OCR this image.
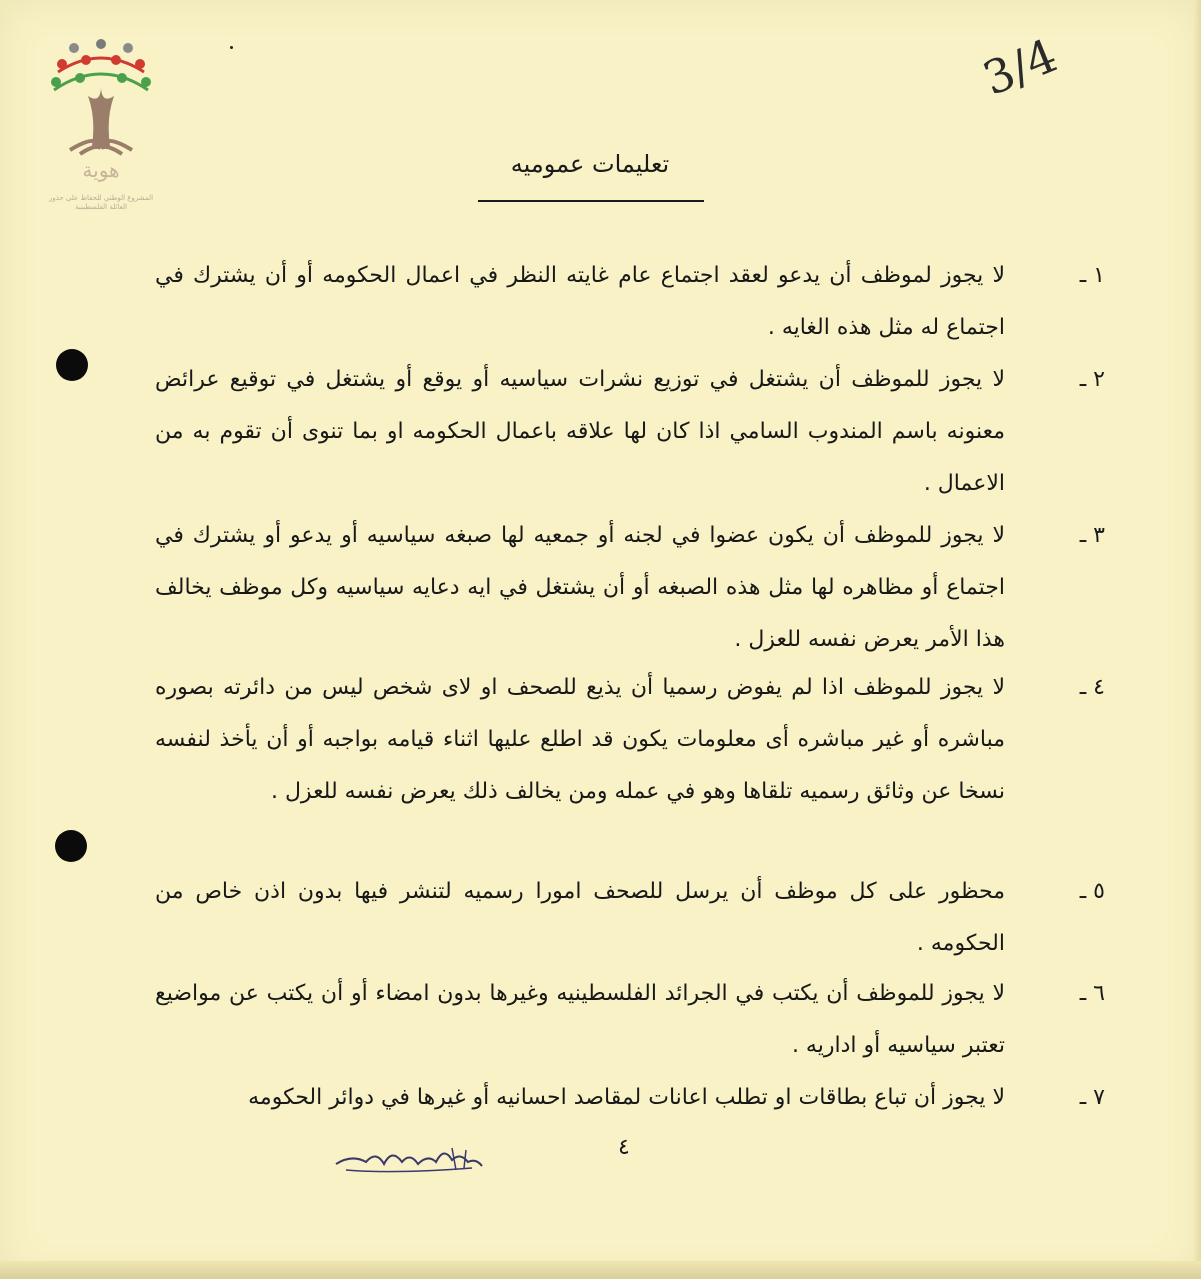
هوية
المشروع الوطني للحفاظ على جذور العائلة الفلسطينية
3/4
تعليمات عموميه
١ ـ
لا يجوز لموظف أن يدعو لعقد اجتماع عام غايته النظر في اعمال الحكومه أو أن يشترك في اجتماع له مثل هذه الغايه .
٢ ـ
لا يجوز للموظف أن يشتغل في توزيع نشرات سياسيه أو يوقع أو يشتغل في توقيع عرائض معنونه باسم المندوب السامي اذا كان لها علاقه باعمال الحكومه او بما تنوى أن تقوم به من الاعمال .
٣ ـ
لا يجوز للموظف أن يكون عضوا في لجنه أو جمعيه لها صبغه سياسيه أو يدعو أو يشترك في اجتماع أو مظاهره لها مثل هذه الصبغه أو أن يشتغل في ايه دعايه سياسيه وكل موظف يخالف هذا الأمر يعرض نفسه للعزل .
٤ ـ
لا يجوز للموظف اذا لم يفوض رسميا أن يذيع للصحف او لاى شخص ليس من دائرته بصوره مباشره أو غير مباشره أى معلومات يكون قد اطلع عليها اثناء قيامه بواجبه أو أن يأخذ لنفسه نسخا عن وثائق رسميه تلقاها وهو في عمله ومن يخالف ذلك يعرض نفسه للعزل .
٥ ـ
محظور على كل موظف أن يرسل للصحف امورا رسميه لتنشر فيها بدون اذن خاص من الحكومه .
٦ ـ
لا يجوز للموظف أن يكتب في الجرائد الفلسطينيه وغيرها بدون امضاء أو أن يكتب عن مواضيع تعتبر سياسيه أو اداريه .
٧ ـ
لا يجوز أن تباع بطاقات او تطلب اعانات لمقاصد احسانيه أو غيرها في دوائر الحكومه
٤
